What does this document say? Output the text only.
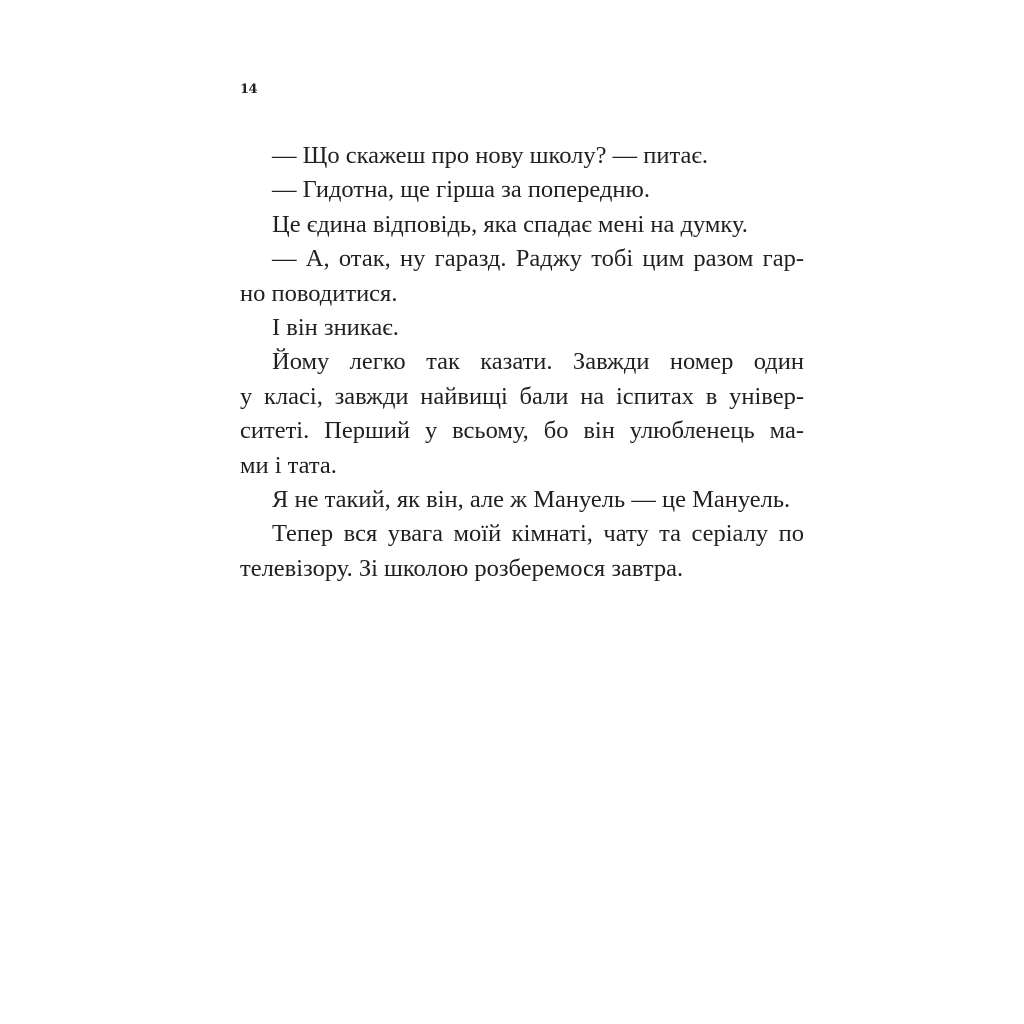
14

— Що скажеш про нову школу? — питає.

— Гидотна, ще гірша за попередню.

Це єдина відповідь, яка спадає мені на думку.

— А, отак, ну гаразд. Раджу тобі цим разом гар-
но поводитися.

І він зникає.

Йому легко так казати. Завжди номер один
у класі, завжди найвищі бали на іспитах в універ-
ситеті. Перший у всьому, бо він улюбленець ма-
ми і тата.

Я не такий, як він, але ж Мануель — це Мануель.

Тепер вся увага моїй кімнаті, чату та серіалу по
телевізору. Зі школою розберемося завтра.
